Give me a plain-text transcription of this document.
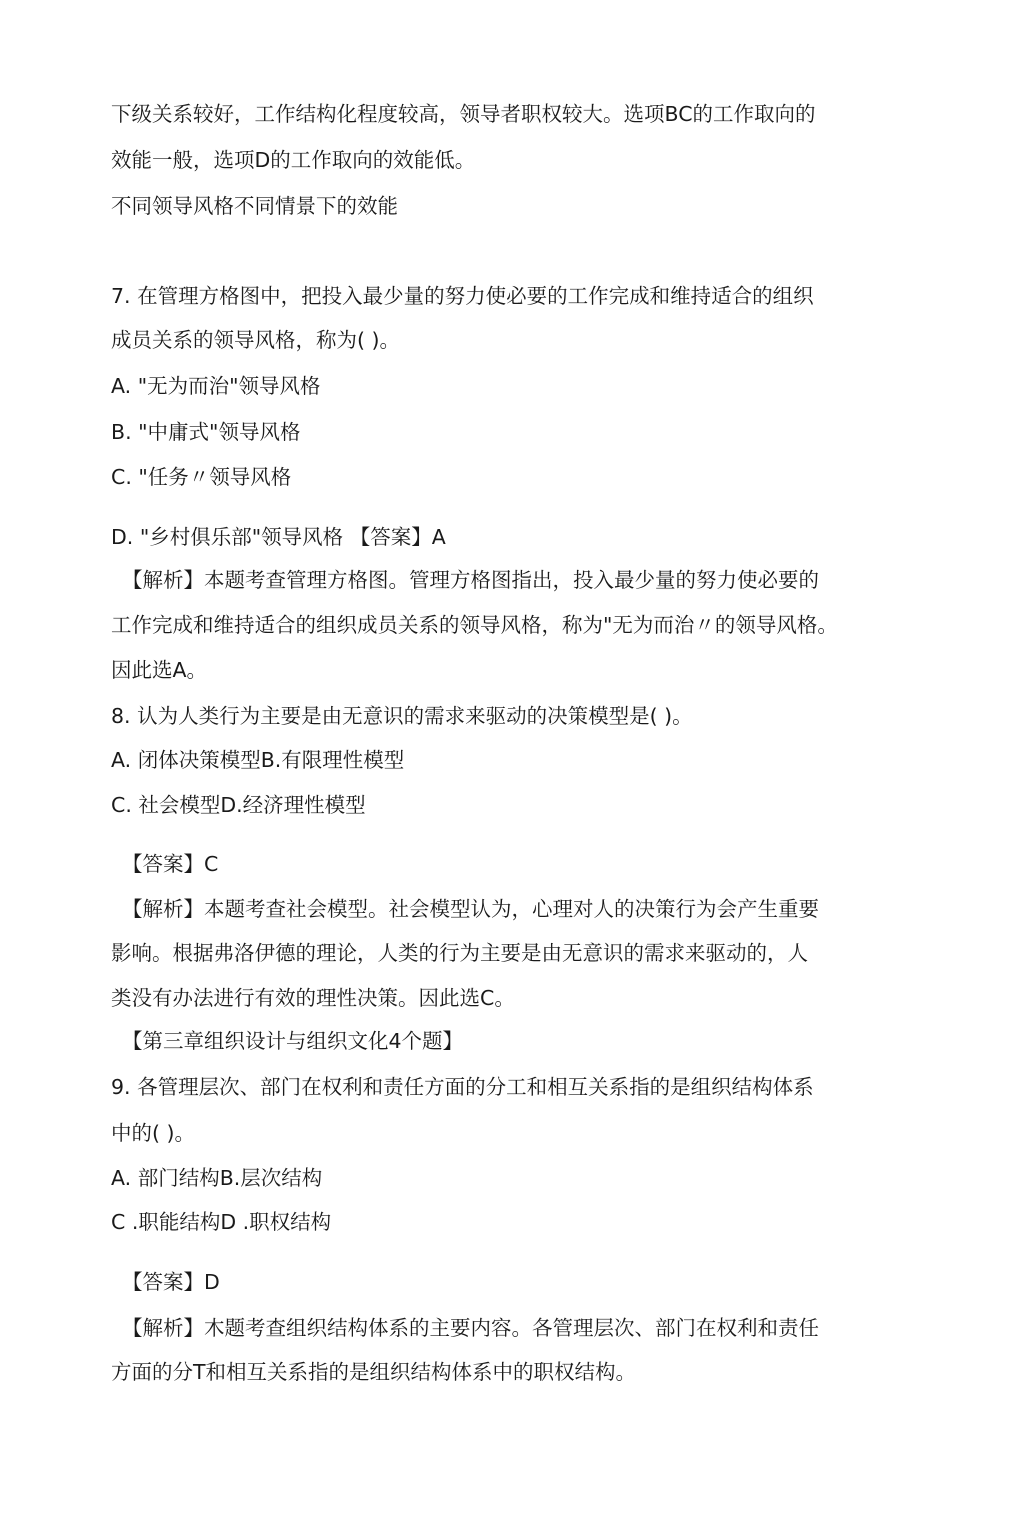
下级关系较好，工作结构化程度较高，领导者职权较大。选项BC的工作取向的
效能一般，选项D的工作取向的效能低。
不同领导风格不同情景下的效能
7. 在管理方格图中，把投入最少量的努力使必要的工作完成和维持适合的组织
成员关系的领导风格，称为( )。
A. "无为而治"领导风格
B. "中庸式"领导风格
C. "任务〃领导风格
D. "乡村俱乐部"领导风格 【答案】A
【解析】本题考查管理方格图。管理方格图指出，投入最少量的努力使必要的
工作完成和维持适合的组织成员关系的领导风格，称为"无为而治〃的领导风格。
因此选A。
8. 认为人类行为主要是由无意识的需求来驱动的决策模型是( )。
A. 闭体决策模型B.有限理性模型
C. 社会模型D.经济理性模型
【答案】C
【解析】本题考查社会模型。社会模型认为，心理对人的决策行为会产生重要
影响。根据弗洛伊德的理论，人类的行为主要是由无意识的需求来驱动的，人
类没有办法进行有效的理性决策。因此选C。
【第三章组织设计与组织文化4个题】
9. 各管理层次、部门在权利和责任方面的分工和相互关系指的是组织结构体系
中的( )。
A. 部门结构B.层次结构
C .职能结构D .职权结构
【答案】D
【解析】木题考查组织结构体系的主要内容。各管理层次、部门在权利和责任
方面的分T和相互关系指的是组织结构体系中的职权结构。
